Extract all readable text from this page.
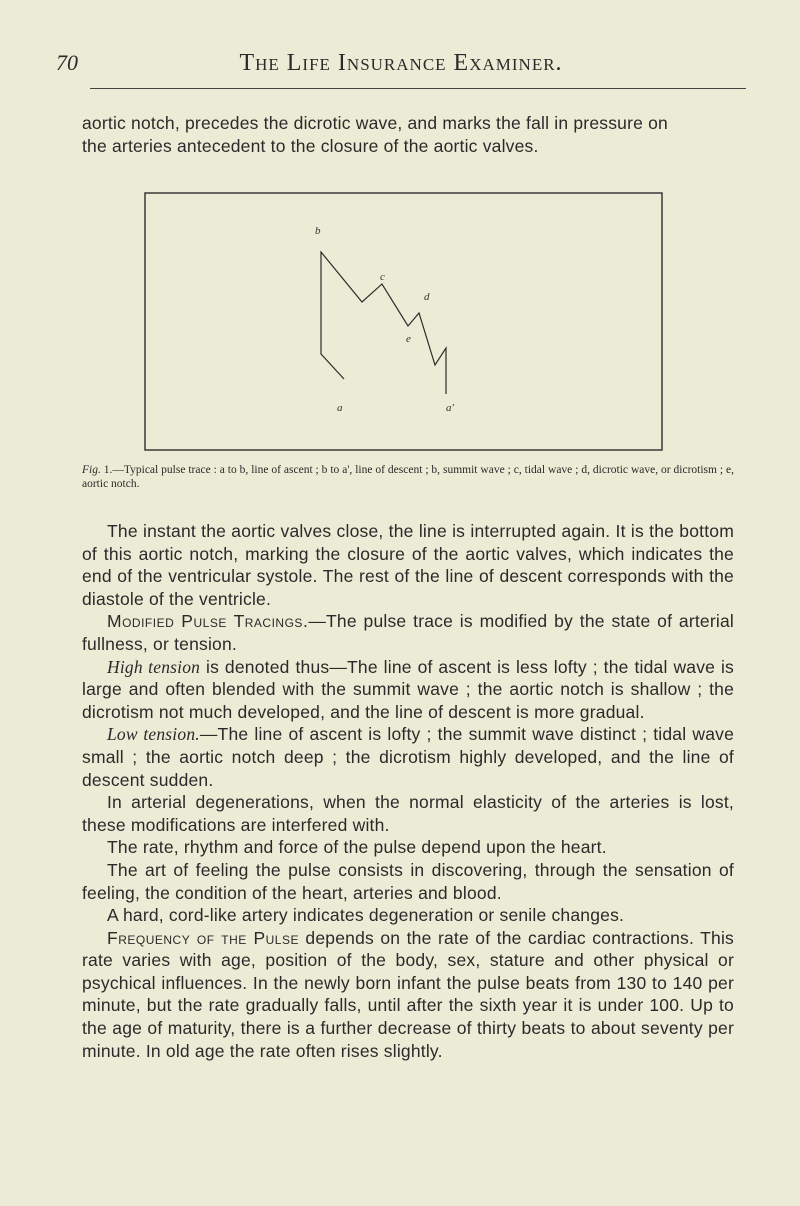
70	The Life Insurance Examiner.

aortic notch, precedes the dicrotic wave, and marks the fall in pressure on

the arteries antecedent to the closure of the aortic valves.

b
c
d
e
a	a'
Fig. 1.—Typical pulse trace : a to b, line of ascent ; b to a', line of descent ; b, summit wave ; c, tidal wave ; d, dicrotic wave, or dicrotism ; e, aortic notch.

The instant the aortic valves close, the line is interrupted again. It is the bottom of this aortic notch, marking the closure of the aortic valves, which indicates the end of the ventricular systole. The rest of the line of descent corresponds with the diastole of the ventricle.

Modified Pulse Tracings.—The pulse trace is modified by the state of arterial fullness, or tension.

High tension is denoted thus—The line of ascent is less lofty ; the tidal wave is large and often blended with the summit wave ; the aortic notch is shallow ; the dicrotism not much developed, and the line of descent is more gradual.

Low tension.—The line of ascent is lofty ; the summit wave distinct ; tidal wave small ; the aortic notch deep ; the dicrotism highly developed, and the line of descent sudden.

In arterial degenerations, when the normal elasticity of the arteries is lost, these modifications are interfered with.

The rate, rhythm and force of the pulse depend upon the heart.

The art of feeling the pulse consists in discovering, through the sensation of feeling, the condition of the heart, arteries and blood.

A hard, cord-like artery indicates degeneration or senile changes.

Frequency of the Pulse depends on the rate of the cardiac contractions. This rate varies with age, position of the body, sex, stature and other physical or psychical influences. In the newly born infant the pulse beats from 130 to 140 per minute, but the rate gradually falls, until after the sixth year it is under 100. Up to the age of maturity, there is a further decrease of thirty beats to about seventy per minute. In old age the rate often rises slightly.
